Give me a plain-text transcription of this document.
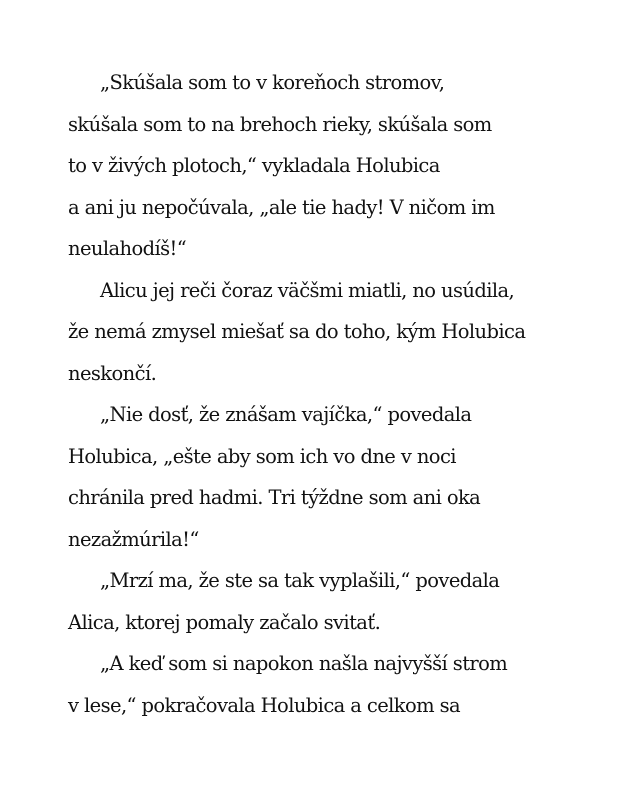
„Skúšala som to v koreňoch stromov,
skúšala som to na brehoch rieky, skúšala som
to v živých plotoch,“ vykladala Holubica
a ani ju nepočúvala, „ale tie hady! V ničom im
neulahodíš!“
Alicu jej reči čoraz väčšmi miatli, no usúdila,
že nemá zmysel miešať sa do toho, kým Holubica
neskončí.
„Nie dosť, že znášam vajíčka,“ povedala
Holubica, „ešte aby som ich vo dne v noci
chránila pred hadmi. Tri týždne som ani oka
nezažmúrila!“
„Mrzí ma, že ste sa tak vyplašili,“ povedala
Alica, ktorej pomaly začalo svitať.
„A keď som si napokon našla najvyšší strom
v lese,“ pokračovala Holubica a celkom sa
